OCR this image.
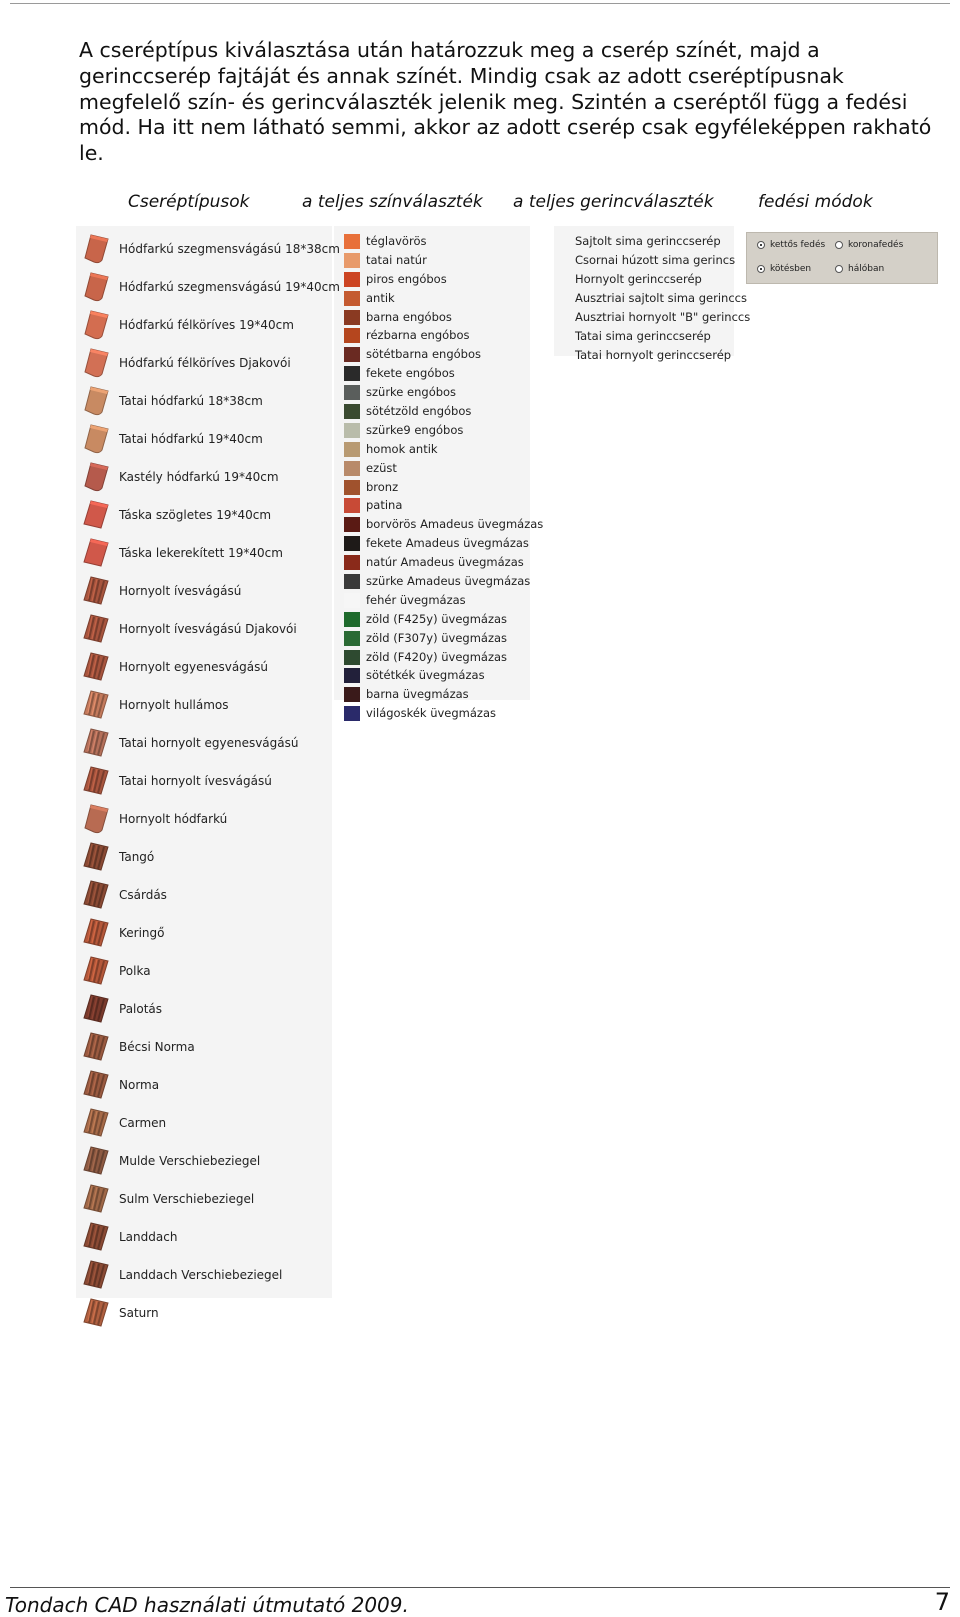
A cseréptípus kiválasztása után határozzuk meg a cserép színét, majd a gerinccserép fajtáját és annak színét. Mindig csak az adott cseréptípusnak megfelelő szín- és gerincválaszték jelenik meg. Szintén a cseréptől függ a fedési mód. Ha itt nem látható semmi, akkor az adott cserép csak egyféleképpen rakható le.

Cseréptípusok	a teljes színválaszték a teljes gerincválaszték	fedési módok
Hódfarkú szegmensvágású 18*38cm
Hódfarkú szegmensvágású 19*40cm
Hódfarkú félköríves 19*40cm
Hódfarkú félköríves Djakovói
Tatai hódfarkú 18*38cm
Tatai hódfarkú 19*40cm
Kastély hódfarkú 19*40cm
Táska szögletes 19*40cm
Táska lekerekített 19*40cm
Hornyolt ívesvágású
Hornyolt ívesvágású Djakovói
Hornyolt egyenesvágású
Hornyolt hullámos
Tatai hornyolt egyenesvágású
Tatai hornyolt ívesvágású
Hornyolt hódfarkú
Tangó
Csárdás
Keringő
Polka
Palotás
Bécsi Norma
Norma
Carmen
Mulde Verschiebeziegel
Sulm Verschiebeziegel
Landdach
Landdach Verschiebeziegel
Saturn
téglavörös
tatai natúr
piros engóbos
antik
barna engóbos
rézbarna engóbos
sötétbarna engóbos
fekete engóbos
szürke engóbos
sötétzöld engóbos
szürke9 engóbos
homok antik
ezüst
bronz
patina
borvörös Amadeus üvegmázas
fekete Amadeus üvegmázas
natúr Amadeus üvegmázas
szürke Amadeus üvegmázas
fehér üvegmázas
zöld (F425y) üvegmázas
zöld (F307y) üvegmázas
zöld (F420y) üvegmázas
sötétkék üvegmázas
barna üvegmázas
világoskék üvegmázas
Sajtolt sima gerinccserép
Csornai húzott sima gerincs
Hornyolt gerinccserép
Ausztriai sajtolt sima gerinccs
Ausztriai hornyolt "B" gerinccs
Tatai sima gerinccserép
Tatai hornyolt gerinccserép
kettős fedés	koronafedés
kötésben	hálóban
Tondach CAD használati útmutató 2009.	7
